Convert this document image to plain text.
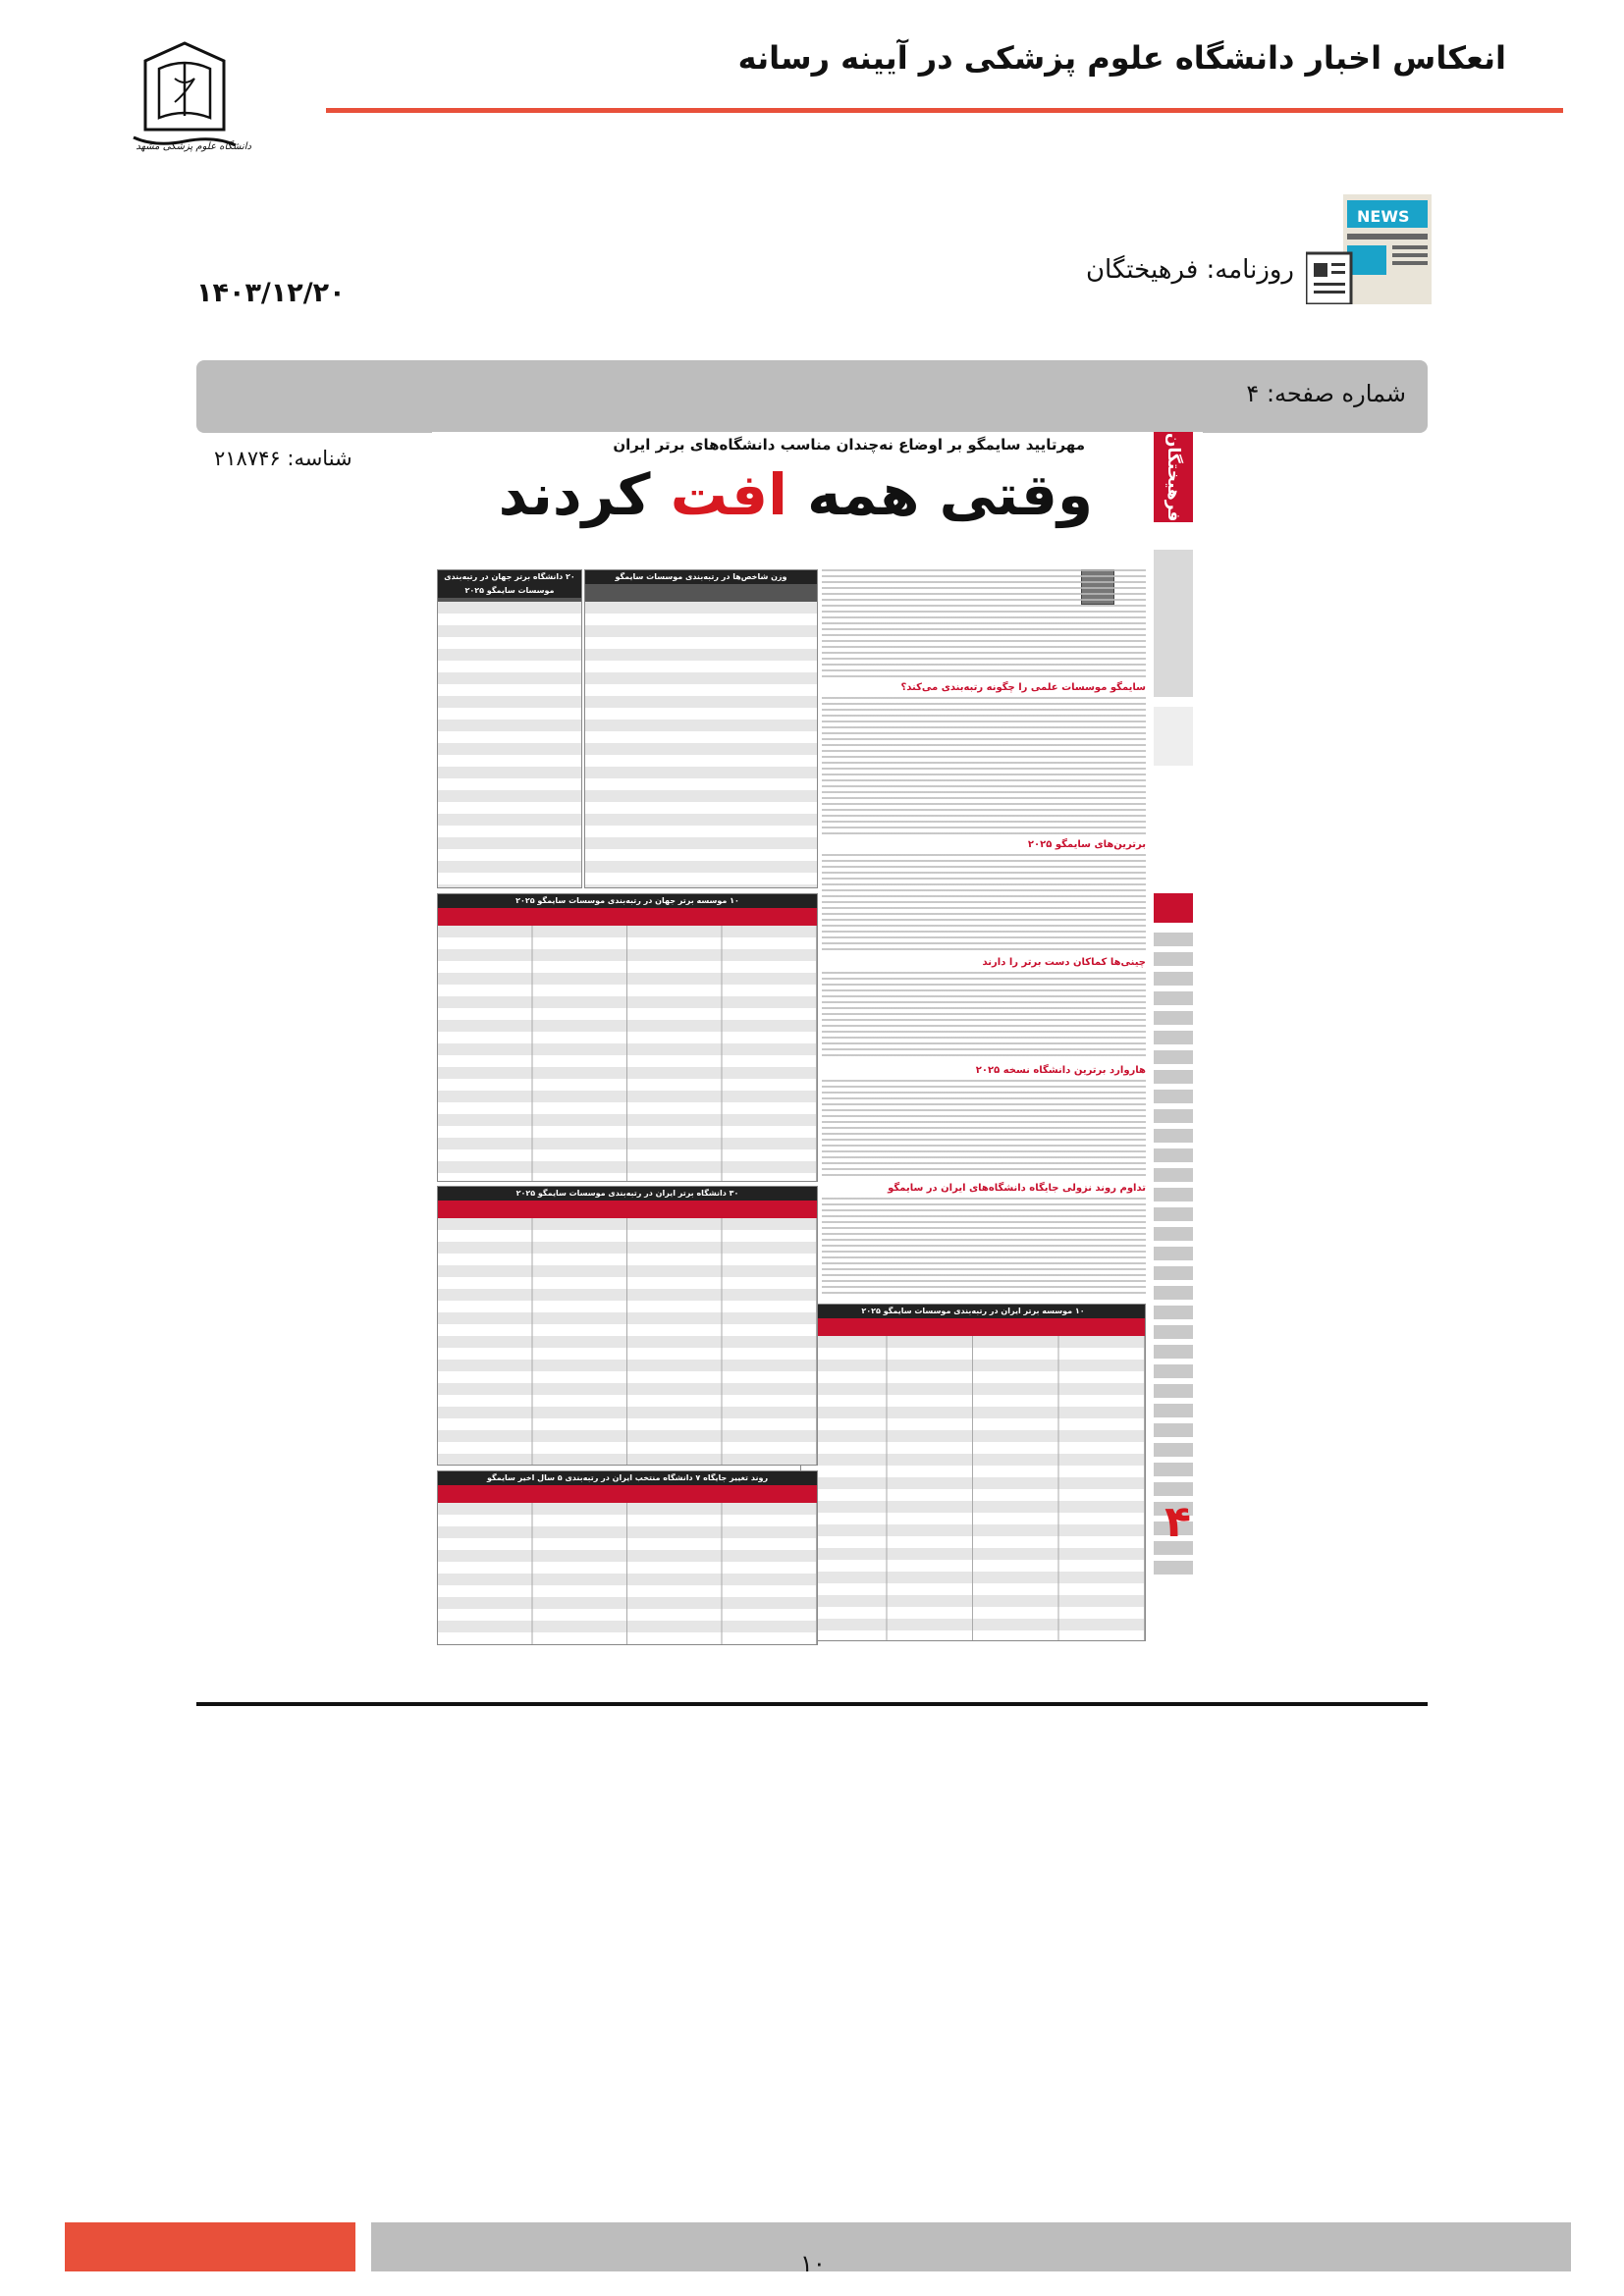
دانشگاه علوم پزشکی مشهد
انعکاس اخبار دانشگاه علوم پزشکی در آیینه رسانه
NEWS
روزنامه: فرهیختگان
۱۴۰۳/۱۲/۲۰
شماره صفحه: ۴
شناسه: ۲۱۸۷۴۶
مهرتایید سایمگو بر اوضاع نه‌چندان مناسب دانشگاه‌های برتر ایران
وقتی همه افت کردند	فرهیختگان
۴
سایمگو موسسات علمی را چگونه رتبه‌بندی می‌کند؟
برترین‌های سایمگو ۲۰۲۵
چینی‌ها کماکان دست برتر را دارند
هاروارد برترین دانشگاه نسخه ۲۰۲۵
تداوم روند نزولی جایگاه دانشگاه‌های ایران در سایمگو
۱۰ موسسه برتر ایران در رتبه‌بندی موسسات سایمگو ۲۰۲۵
وزن شاخص‌ها در رتبه‌بندی موسسات سایمگو
۲۰ دانشگاه برتر جهان در رتبه‌بندی موسسات سایمگو ۲۰۲۵
۱۰ موسسه برتر جهان در رتبه‌بندی موسسات سایمگو ۲۰۲۵
۳۰ دانشگاه برتر ایران در رتبه‌بندی موسسات سایمگو ۲۰۲۵
روند تغییر جایگاه ۷ دانشگاه منتخب ایران در رتبه‌بندی ۵ سال اخیر سایمگو
۱۰
